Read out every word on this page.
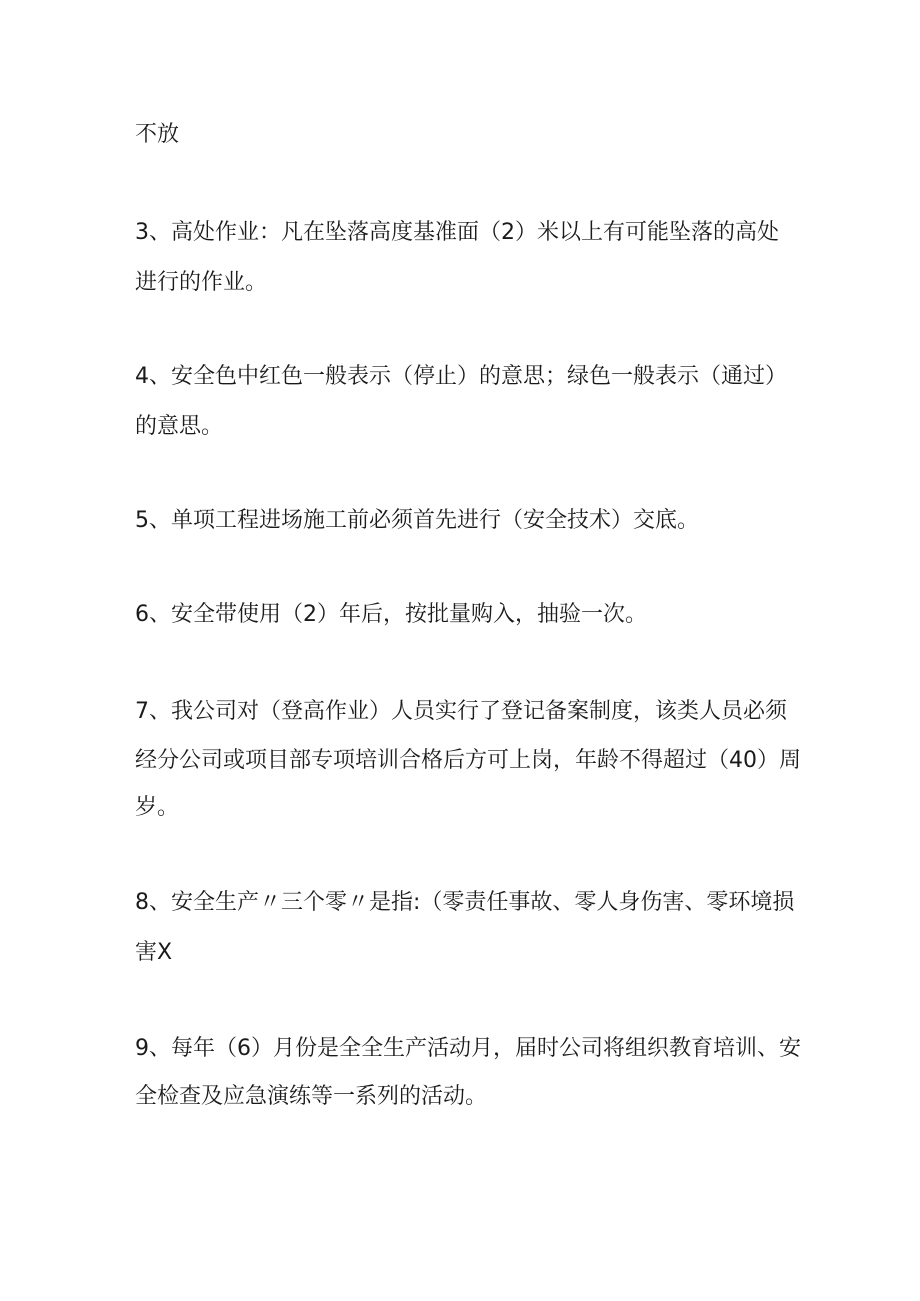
不放

3、高处作业：凡在坠落高度基准面（2）米以上有可能坠落的高处

进行的作业。

4、安全色中红色一般表示（停止）的意思；绿色一般表示（通过）

的意思。

5、单项工程进场施工前必须首先进行（安全技术）交底。

6、安全带使用（2）年后，按批量购入，抽验一次。

7、我公司对（登高作业）人员实行了登记备案制度，该类人员必须

经分公司或项目部专项培训合格后方可上岗，年龄不得超过（40）周

岁。

8、安全生产〃三个零〃是指:（零责任事故、零人身伤害、零环境损

害X

9、每年（6）月份是全全生产活动月，届时公司将组织教育培训、安

全检查及应急演练等一系列的活动。
